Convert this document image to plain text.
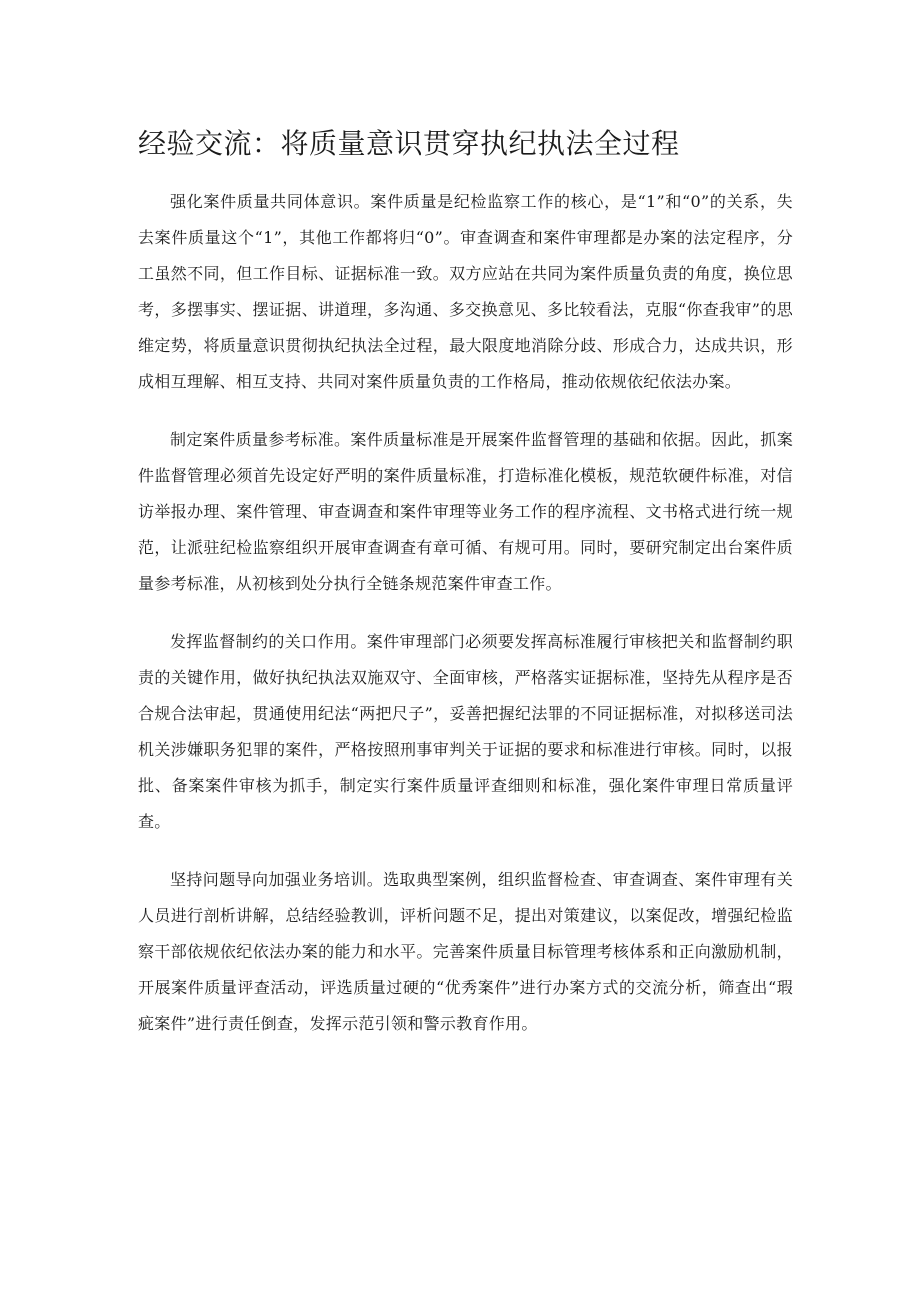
经验交流：将质量意识贯穿执纪执法全过程

强化案件质量共同体意识。案件质量是纪检监察工作的核心，是“1”和“0”的关系，失去案件质量这个“1”，其他工作都将归“0”。审查调查和案件审理都是办案的法定程序，分工虽然不同，但工作目标、证据标准一致。双方应站在共同为案件质量负责的角度，换位思考，多摆事实、摆证据、讲道理，多沟通、多交换意见、多比较看法，克服“你查我审”的思维定势，将质量意识贯彻执纪执法全过程，最大限度地消除分歧、形成合力，达成共识，形成相互理解、相互支持、共同对案件质量负责的工作格局，推动依规依纪依法办案。

制定案件质量参考标准。案件质量标准是开展案件监督管理的基础和依据。因此，抓案件监督管理必须首先设定好严明的案件质量标准，打造标准化模板，规范软硬件标准，对信访举报办理、案件管理、审查调查和案件审理等业务工作的程序流程、文书格式进行统一规范，让派驻纪检监察组织开展审查调查有章可循、有规可用。同时，要研究制定出台案件质量参考标准，从初核到处分执行全链条规范案件审查工作。

发挥监督制约的关口作用。案件审理部门必须要发挥高标准履行审核把关和监督制约职责的关键作用，做好执纪执法双施双守、全面审核，严格落实证据标准，坚持先从程序是否合规合法审起，贯通使用纪法“两把尺子”，妥善把握纪法罪的不同证据标准，对拟移送司法机关涉嫌职务犯罪的案件，严格按照刑事审判关于证据的要求和标准进行审核。同时，以报批、备案案件审核为抓手，制定实行案件质量评查细则和标准，强化案件审理日常质量评查。

坚持问题导向加强业务培训。选取典型案例，组织监督检查、审查调查、案件审理有关人员进行剖析讲解，总结经验教训，评析问题不足，提出对策建议，以案促改，增强纪检监察干部依规依纪依法办案的能力和水平。完善案件质量目标管理考核体系和正向激励机制，开展案件质量评查活动，评选质量过硬的“优秀案件”进行办案方式的交流分析，筛查出“瑕疵案件”进行责任倒查，发挥示范引领和警示教育作用。
